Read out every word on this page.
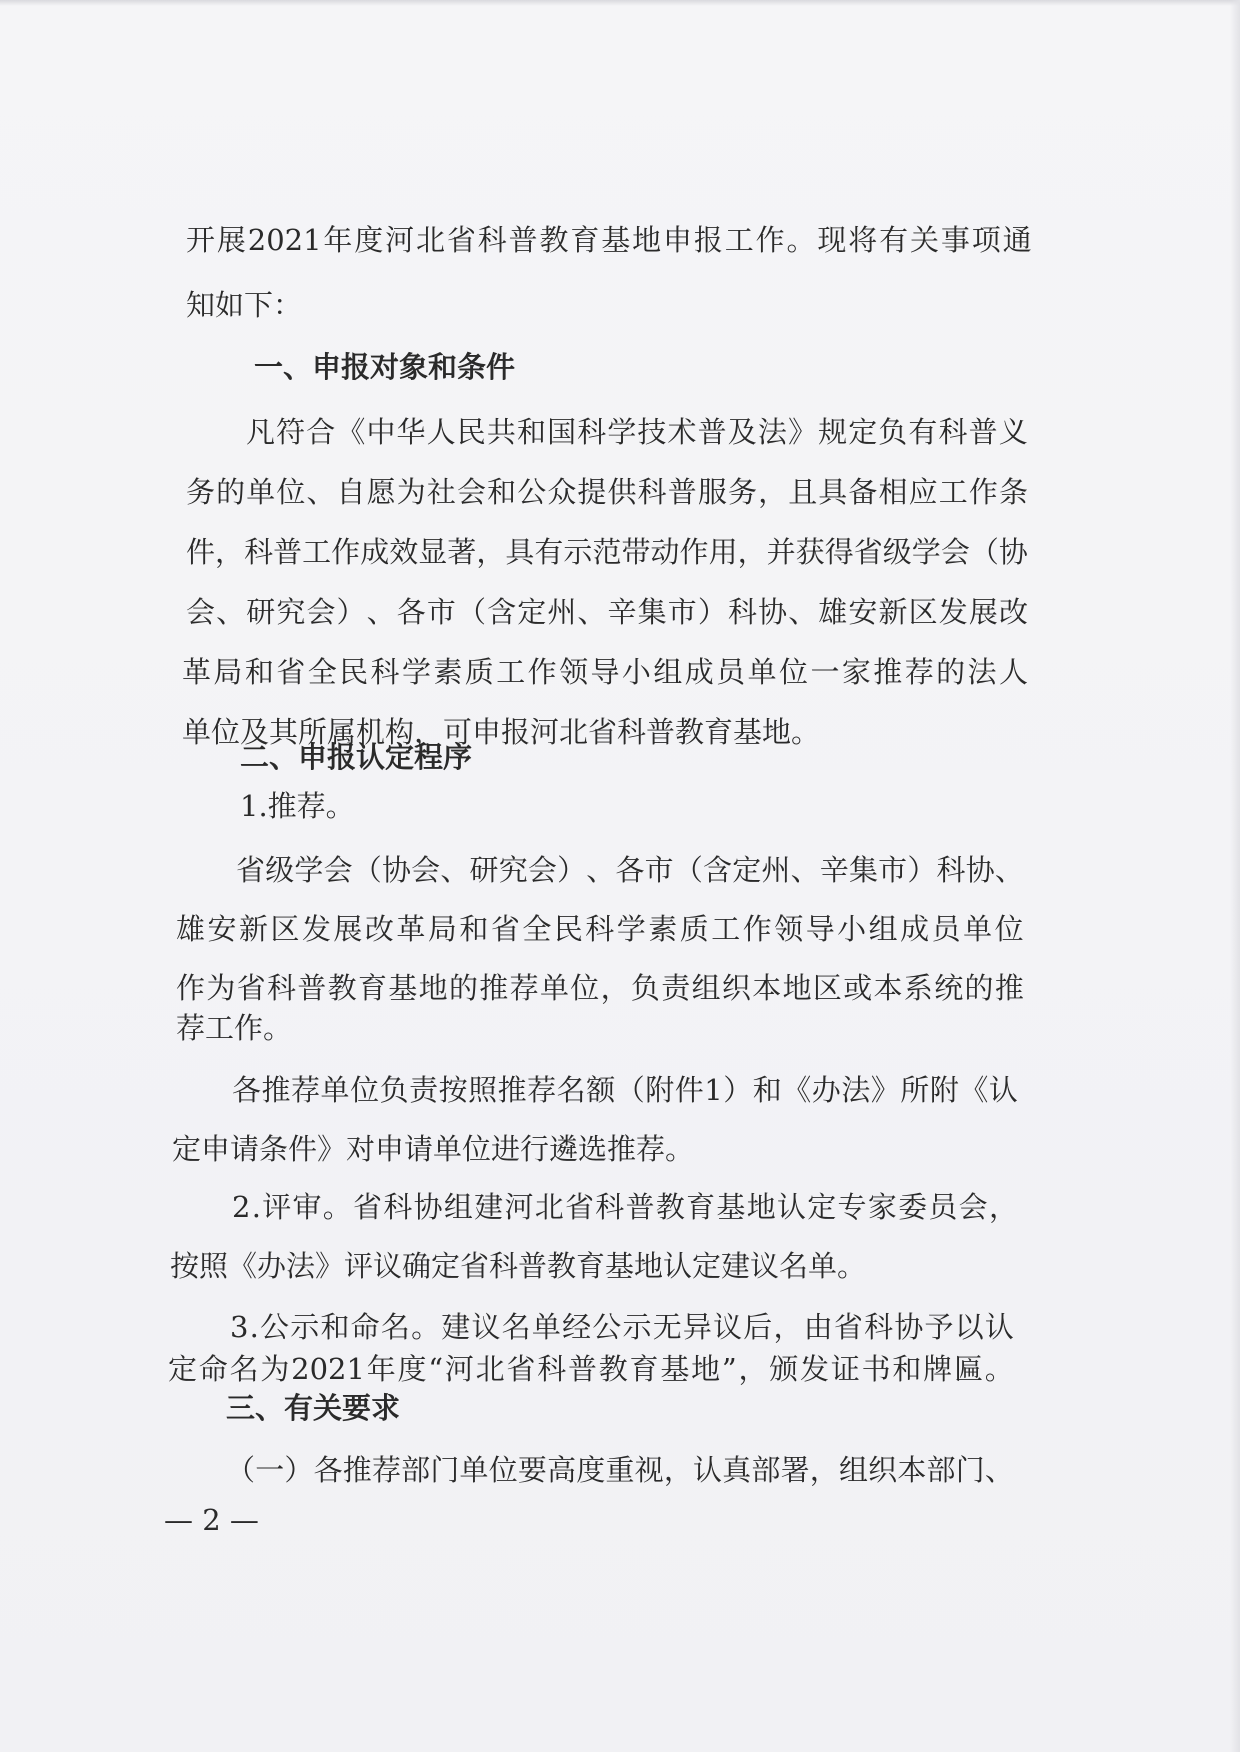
开 展 2021 年 度 河 北 省 科 普 教 育 基 地 申 报 工 作 。 现 将 有 关 事 项 通
知如下：
一、申报对象和条件
凡 符 合 《 中 华 人 民 共 和 国 科 学 技 术 普 及 法 》 规 定 负 有 科 普 义
务 的 单 位 、 自 愿 为 社 会 和 公 众 提 供 科 普 服 务 ， 且 具 备 相 应 工 作 条
件 ， 科 普 工 作 成 效 显 著 ， 具 有 示 范 带 动 作 用 ， 并 获 得 省 级 学 会 （ 协
会 、 研 究 会 ） 、 各 市 （ 含 定 州 、 辛 集 市 ） 科 协 、 雄 安 新 区 发 展 改
革 局 和 省 全 民 科 学 素 质 工 作 领 导 小 组 成 员 单 位 一 家 推 荐 的 法 人
单位及其所属机构，可申报河北省科普教育基地。
二、申报认定程序
1.推荐。
省 级 学 会 （ 协 会 、 研 究 会 ） 、 各 市 （ 含 定 州 、 辛 集 市 ） 科 协 、
雄 安 新 区 发 展 改 革 局 和 省 全 民 科 学 素 质 工 作 领 导 小 组 成 员 单 位
作 为 省 科 普 教 育 基 地 的 推 荐 单 位 ， 负 责 组 织 本 地 区 或 本 系 统 的 推
荐工作。
各 推 荐 单 位 负 责 按 照 推 荐 名 额 （ 附 件 1 ） 和 《 办 法 》 所 附 《 认
定申请条件》对申请单位进行遴选推荐。
2 . 评 审 。 省 科 协 组 建 河 北 省 科 普 教 育 基 地 认 定 专 家 委 员 会 ，
按照《办法》评议确定省科普教育基地认定建议名单。
3 . 公 示 和 命 名 。 建 议 名 单 经 公 示 无 异 议 后 ， 由 省 科 协 予 以 认
定 命 名 为 2021 年 度 “ 河 北 省 科 普 教 育 基 地 ” ， 颁 发 证 书 和 牌 匾 。
三、有关要求
（ 一 ） 各 推 荐 部 门 单 位 要 高 度 重 视 ， 认 真 部 署 ， 组 织 本 部 门 、
— 2 —
